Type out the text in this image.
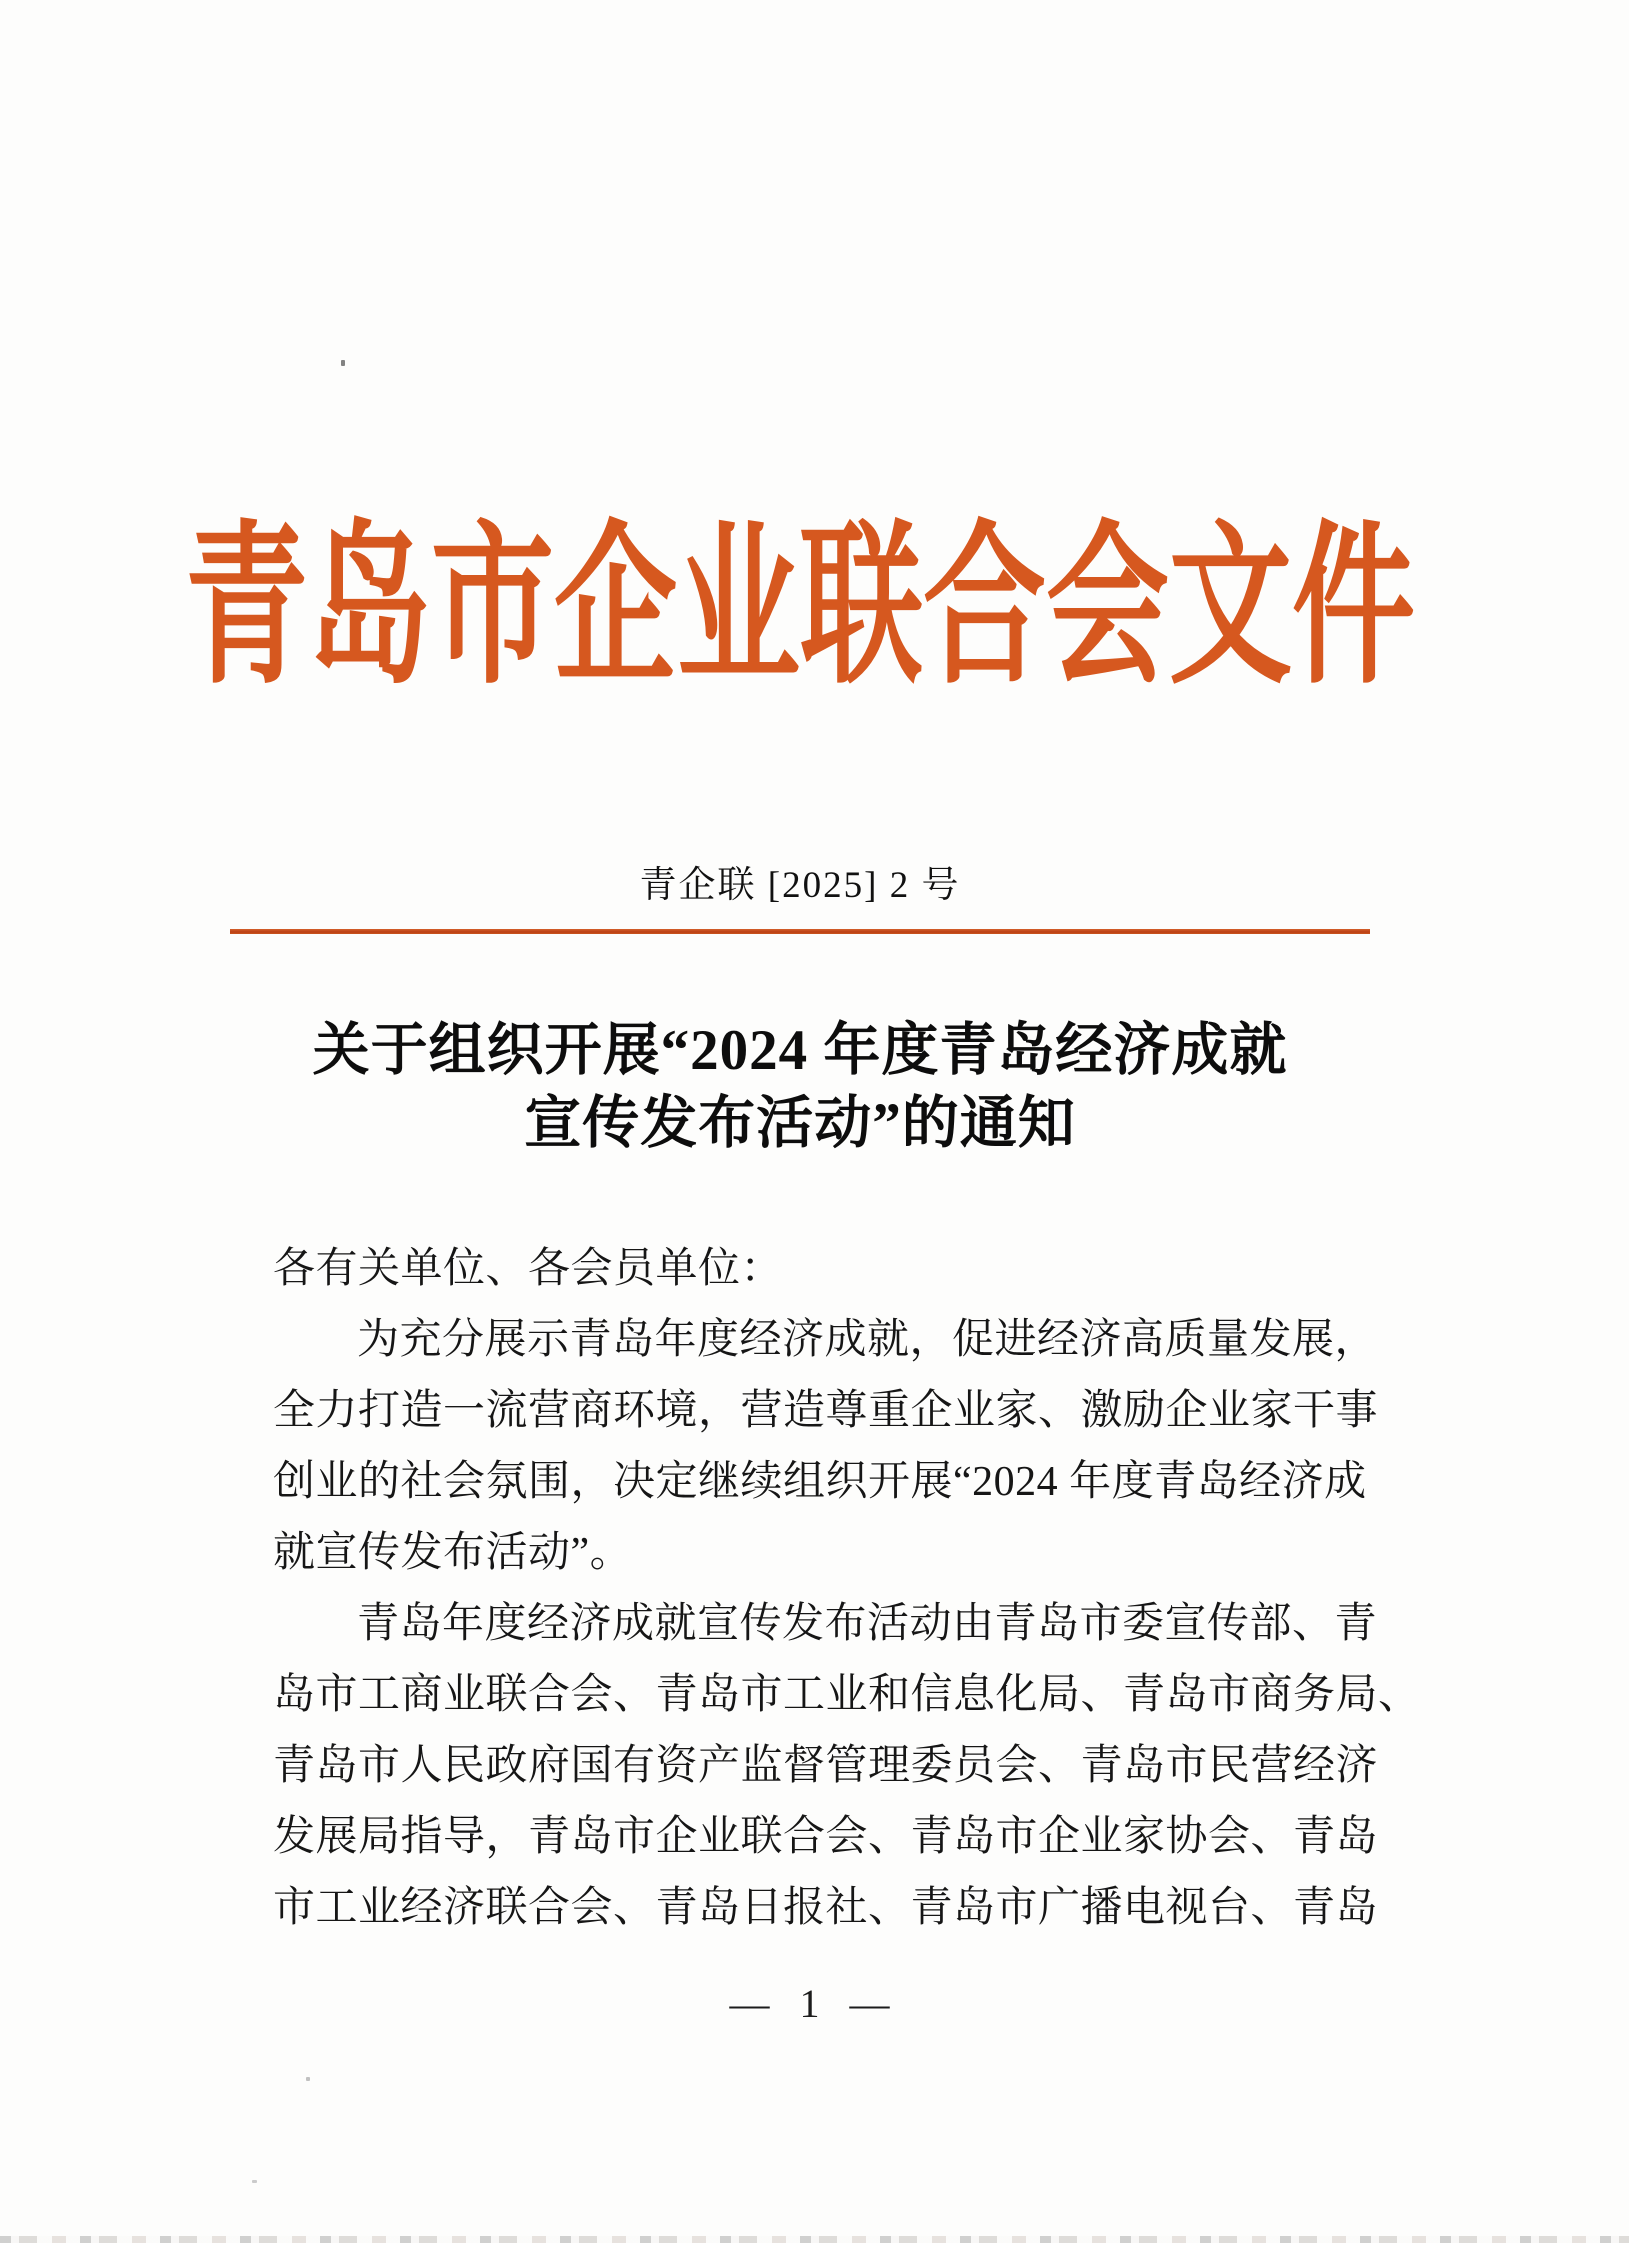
青岛市企业联合会文件
青企联 [2025] 2 号
关于组织开展“2024 年度青岛经济成就
宣传发布活动”的通知
各有关单位、各会员单位：
为充分展示青岛年度经济成就，促进经济高质量发展，
全力打造一流营商环境，营造尊重企业家、激励企业家干事
创业的社会氛围，决定继续组织开展“2024 年度青岛经济成
就宣传发布活动”。
青岛年度经济成就宣传发布活动由青岛市委宣传部、青
岛市工商业联合会、青岛市工业和信息化局、青岛市商务局、
青岛市人民政府国有资产监督管理委员会、青岛市民营经济
发展局指导，青岛市企业联合会、青岛市企业家协会、青岛
市工业经济联合会、青岛日报社、青岛市广播电视台、青岛
— 1 —
